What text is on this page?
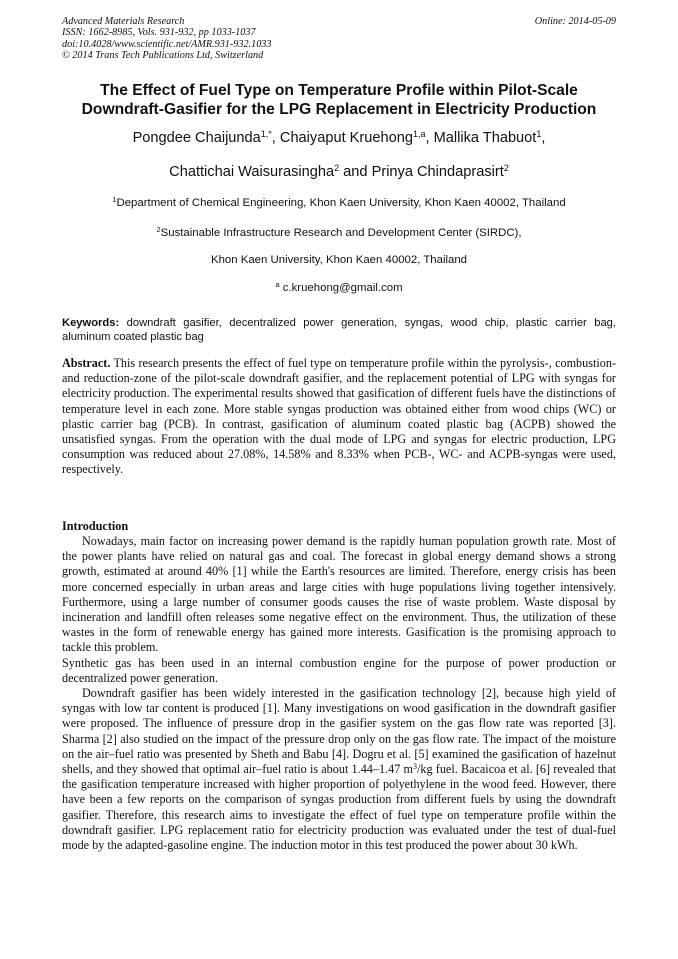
Advanced Materials Research
ISSN: 1662-8985, Vols. 931-932, pp 1033-1037
doi:10.4028/www.scientific.net/AMR.931-932.1033
© 2014 Trans Tech Publications Ltd, Switzerland
Online: 2014-05-09
The Effect of Fuel Type on Temperature Profile within Pilot-Scale
Downdraft-Gasifier for the LPG Replacement in Electricity Production
Pongdee Chaijunda$^{1,*}$, Chaiyaput Kruehong$^{1,a}$, Mallika Thabuot$^1$,
Chattichai Waisurasingha$^2$ and Prinya Chindaprasirt$^2$
$^1$Department of Chemical Engineering, Khon Kaen University, Khon Kaen 40002, Thailand
$^2$Sustainable Infrastructure Research and Development Center (SIRDC),
Khon Kaen University, Khon Kaen 40002, Thailand
$^a$ c.kruehong@gmail.com
Keywords: downdraft gasifier, decentralized power generation, syngas, wood chip, plastic carrier bag, aluminum coated plastic bag
Abstract. This research presents the effect of fuel type on temperature profile within the pyrolysis-, combustion- and reduction-zone of the pilot-scale downdraft gasifier, and the replacement potential of LPG with syngas for electricity production. The experimental results showed that gasification of different fuels have the distinctions of temperature level in each zone. More stable syngas production was obtained either from wood chips (WC) or plastic carrier bag (PCB). In contrast, gasification of aluminum coated plastic bag (ACPB) showed the unsatisfied syngas. From the operation with the dual mode of LPG and syngas for electric production, LPG consumption was reduced about 27.08%, 14.58% and 8.33% when PCB-, WC- and ACPB-syngas were used, respectively.
Introduction

Nowadays, main factor on increasing power demand is the rapidly human population growth rate. Most of the power plants have relied on natural gas and coal. The forecast in global energy demand shows a strong growth, estimated at around 40% [1] while the Earth's resources are limited. Therefore, energy crisis has been more concerned especially in urban areas and large cities with huge populations living together intensively. Furthermore, using a large number of consumer goods causes the rise of waste problem. Waste disposal by incineration and landfill often releases some negative effect on the environment. Thus, the utilization of these wastes in the form of renewable energy has gained more interests. Gasification is the promising approach to tackle this problem.

Synthetic gas has been used in an internal combustion engine for the purpose of power production or decentralized power generation.

Downdraft gasifier has been widely interested in the gasification technology [2], because high yield of syngas with low tar content is produced [1]. Many investigations on wood gasification in the downdraft gasifier were proposed. The influence of pressure drop in the gasifier system on the gas flow rate was reported [3]. Sharma [2] also studied on the impact of the pressure drop only on the gas flow rate. The impact of the moisture on the air–fuel ratio was presented by Sheth and Babu [4]. Dogru et al. [5] examined the gasification of hazelnut shells, and they showed that optimal air–fuel ratio is about 1.44–1.47 $m^3/kg$ fuel. Bacaicoa et al. [6] revealed that the gasification temperature increased with higher proportion of polyethylene in the wood feed. However, there have been a few reports on the comparison of syngas production from different fuels by using the downdraft gasifier. Therefore, this research aims to investigate the effect of fuel type on temperature profile within the downdraft gasifier. LPG replacement ratio for electricity production was evaluated under the test of dual-fuel mode by the adapted-gasoline engine. The induction motor in this test produced the power about 30 kWh.
